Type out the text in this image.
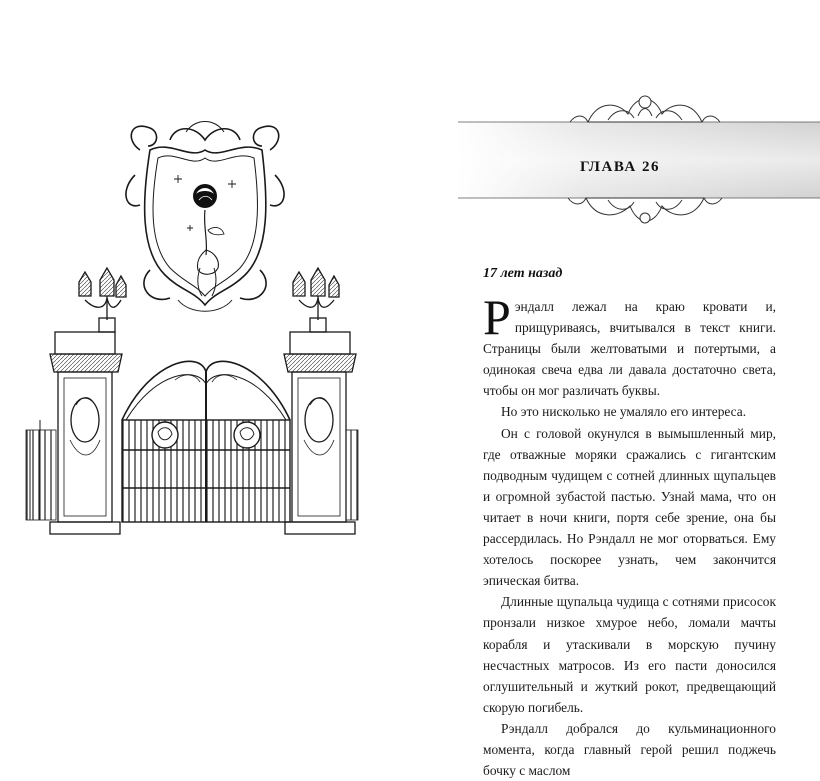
ГЛАВА 26
17 лет назад

Рэндалл лежал на краю кровати и, прищуриваясь, вчитывался в текст книги. Страницы были желтоватыми и потертыми, а одинокая свеча едва ли давала достаточно света, чтобы он мог различать буквы.

Но это нисколько не умаляло его интереса.

Он с головой окунулся в вымышленный мир, где отважные моряки сражались с гигантским подводным чудищем с сотней длинных щупальцев и огромной зубастой пастью. Узнай мама, что он читает в ночи книги, портя себе зрение, она бы рассердилась. Но Рэндалл не мог оторваться. Ему хотелось поскорее узнать, чем закончится эпическая битва.

Длинные щупальца чудища с сотнями присосок пронзали низкое хмурое небо, ломали мачты корабля и утаскивали в морскую пучину несчастных матросов. Из его пасти доносился оглушительный и жуткий рокот, предвещающий скорую погибель.

Рэндалл добрался до кульминационного момента, когда главный герой решил поджечь бочку с маслом
